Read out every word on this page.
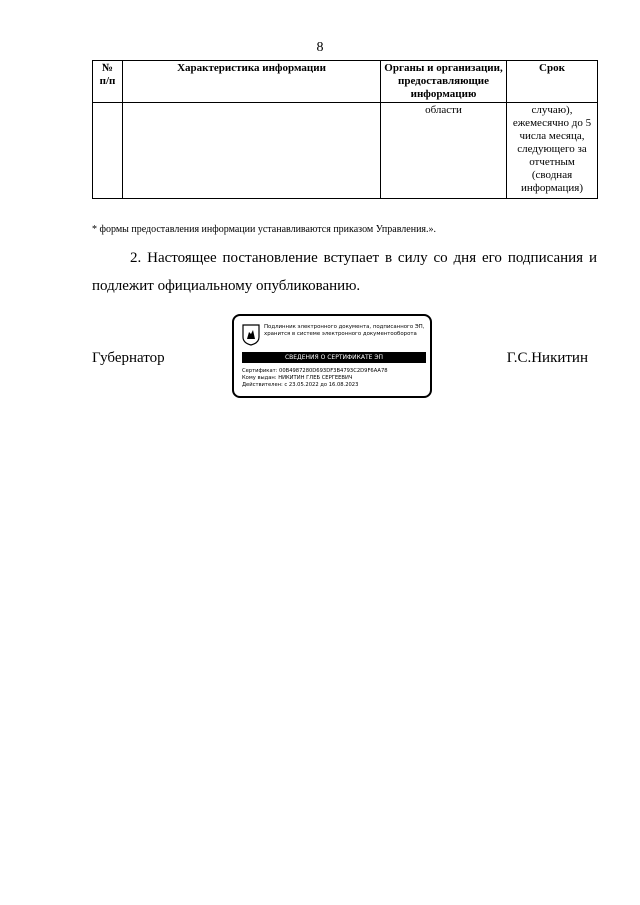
8
№ п/п	Характеристика информации	Органы и организации, предоставляющие информацию	Срок
		области	случаю), ежемесячно до 5 числа месяца, следующего за отчетным (сводная информация)
* формы предоставления информации устанавливаются приказом Управления.».
2. Настоящее постановление вступает в силу со дня его подписания и подлежит официальному опубликованию.
Губернатор
Подлинник электронного документа, подписанного ЭП, хранится в системе электронного документооборота
СВЕДЕНИЯ О СЕРТИФИКАТЕ ЭП
Сертификат: 00B4987280D693DF3B4793C2D9F6AA78
Кому выдан: НИКИТИН ГЛЕБ СЕРГЕЕВИЧ
Действителен: с 23.05.2022 до 16.08.2023
Г.С.Никитин
